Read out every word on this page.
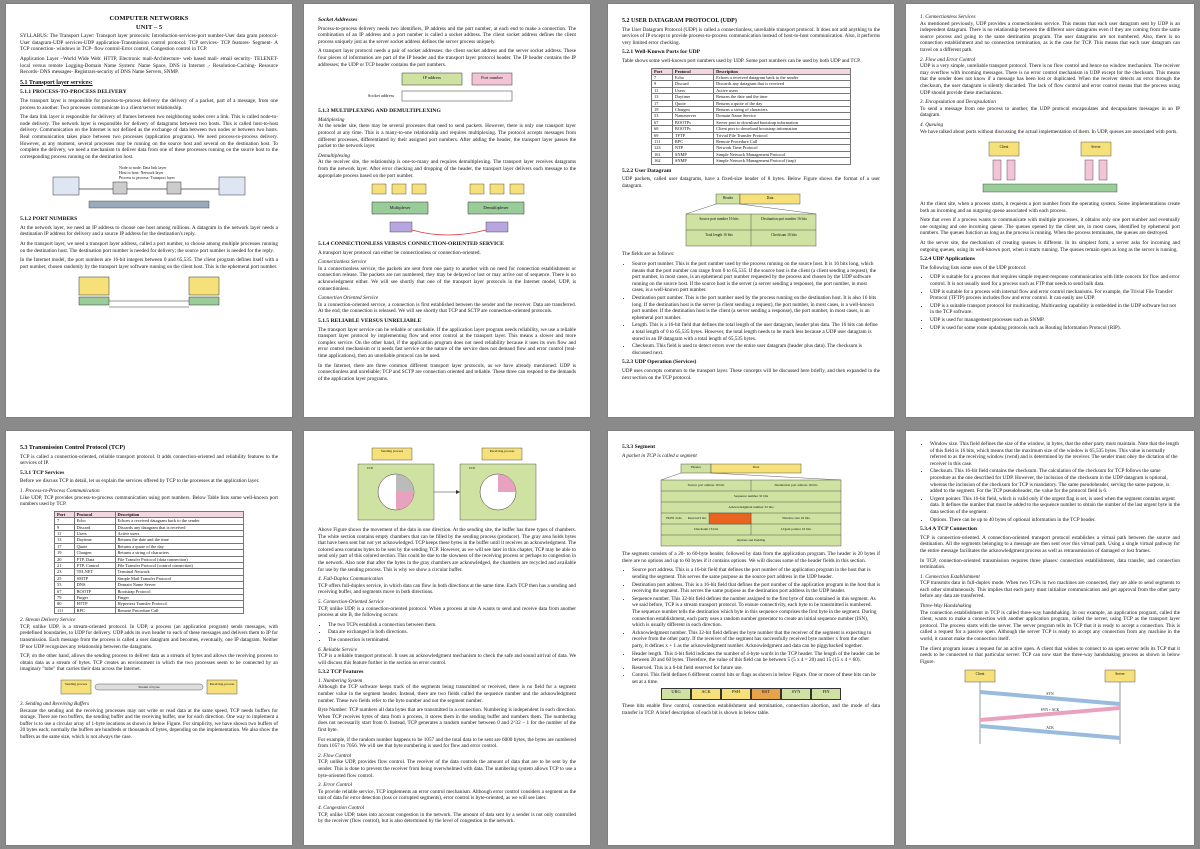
COMPUTER NETWORKS
UNIT – 5

SYLLABUS: The Transport Layer: Transport layer protocols: Introduction-services-port number-User data gram protocol-User datagram-UDP services-UDP application-Transmission control protocol: TCP services- TCP features- Segment- A TCP connection- windows in TCP- flow control-Error control, Congestion control in TCP.

Application Layer –World Wide Web: HTTP, Electronic mail-Architecture- web based mail- email security- TELENET-local versus remote Logging-Domain Name System: Name Space, DNS in Internet ,- Resolution-Caching- Resource Records- DNS messages- Registrars-security of DNS Name Servers, SNMP.

5.1 Transport layer services:
5.1.1 PROCESS-TO-PROCESS DELIVERY

The transport layer is responsible for process-to-process delivery the delivery of a packet, part of a message, from one process to another. Two processes communicate in a client/server relationship.

The data link layer is responsible for delivery of frames between two neighboring nodes over a link. This is called node-to-node delivery. The network layer is responsible for delivery of datagrams between two hosts. This is called host-to-host delivery. Communication on the Internet is not defined as the exchange of data between two nodes or between two hosts. Real communication takes place between two processes (application programs). We need process-to-process delivery. However, at any moment, several processes may be running on the source host and several on the destination host. To complete the delivery, we need a mechanism to deliver data from one of these processes running on the source host to the corresponding process running on the destination host.

Node to node: Data link layer
Host to host: Network layer
Process to process: Transport layer
5.1.2 PORT NUMBERS

At the network layer, we need an IP address to choose one host among millions. A datagram in the network layer needs a destination IP address for delivery and a source IP address for the destination's reply.

At the transport layer, we need a transport layer address, called a port number, to choose among multiple processes running on the destination host. The destination port number is needed for delivery; the source port number is needed for the reply.

In the Internet model, the port numbers are 16-bit integers between 0 and 65,535. The client program defines itself with a port number, chosen randomly by the transport layer software running on the client host. This is the ephemeral port number.

Socket Addresses

Process-to-process delivery needs two identifiers, IP address and the port number, at each end to make a connection. The combination of an IP address and a port number is called a socket address. The client socket address defines the client process uniquely just as the server socket address defines the server process uniquely.

A transport layer protocol needs a pair of socket addresses: the client socket address and the server socket address. These four pieces of information are part of the IP header and the transport layer protocol header. The IP header contains the IP addresses; the UDP or TCP header contains the port numbers.

IP address	Port number
Socket address
5.1.3 MULTIPLEXING AND DEMULTIPLEXING
Multiplexing

At the sender site, there may be several processes that need to send packets. However, there is only one transport layer protocol at any time. This is a many-to-one relationship and requires multiplexing. The protocol accepts messages from different processes, differentiated by their assigned port numbers. After adding the header, the transport layer passes the packet to the network layer.

Demultiplexing

At the receiver site, the relationship is one-to-many and requires demultiplexing. The transport layer receives datagrams from the network layer. After error checking and dropping of the header, the transport layer delivers each message to the appropriate process based on the port number.

Multiplexer	Demultiplexer
5.1.4 CONNECTIONLESS VERSUS CONNECTION-ORIENTED SERVICE

A transport layer protocol can either be connectionless or connection-oriented.

Connectionless Service

In a connectionless service, the packets are sent from one party to another with no need for connection establishment or connection release. The packets are not numbered; they may be delayed or lost or may arrive out of sequence. There is no acknowledgment either. We will see shortly that one of the transport layer protocols in the Internet model, UDP, is connectionless.

Connection Oriented Service

In a connection-oriented service, a connection is first established between the sender and the receiver. Data are transferred. At the end, the connection is released. We will see shortly that TCP and SCTP are connection-oriented protocols.

5.1.5 RELIABLE VERSUS UNRELIABLE

The transport layer service can be reliable or unreliable. If the application layer program needs reliability, we use a reliable transport layer protocol by implementing flow and error control at the transport layer. This means a slower and more complex service. On the other hand, if the application program does not need reliability because it uses its own flow and error control mechanism or it needs fast service or the nature of the service does not demand flow and error control (real-time applications), then an unreliable protocol can be used.

In the Internet, there are three common different transport layer protocols, as we have already mentioned. UDP is connectionless and unreliable; TCP and SCTP are connection oriented and reliable. These three can respond to the demands of the application layer programs.

5.2 USER DATAGRAM PROTOCOL (UDP)

The User Datagram Protocol (UDP) is called a connectionless, unreliable transport protocol. It does not add anything to the services of IP except to provide process-to-process communication instead of host-to-host communication. Also, it performs very limited error checking.

5.2.1 Well-Known Ports for UDP

Table shows some well-known port numbers used by UDP. Some port numbers can be used by both UDP and TCP.

Port	Protocol	Description
7	Echo	Echoes a received datagram back to the sender
9	Discard	Discards any datagram that is received
11	Users	Active users
13	Daytime	Returns the date and the time
17	Quote	Returns a quote of the day
19	Chargen	Returns a string of characters
53	Nameserver	Domain Name Service
67	BOOTPs	Server port to download bootstrap information
68	BOOTPc	Client port to download bootstrap information
69	TFTP	Trivial File Transfer Protocol
111	RPC	Remote Procedure Call
123	NTP	Network Time Protocol
161	SNMP	Simple Network Management Protocol
162	SNMP	Simple Network Management Protocol (trap)
5.2.2 User Datagram

UDP packets, called user datagrams, have a fixed-size header of 8 bytes. Below Figure shows the format of a user datagram.

Header	Data
Source port number 16 bits	Destination port number 16 bits
Total length 16 bits	Checksum 16 bits

The fields are as follows:

• Source port number. This is the port number used by the process running on the source host. It is 16 bits long, which means that the port number can range from 0 to 65,535. If the source host is the client (a client sending a request), the port number, in most cases, is an ephemeral port number requested by the process and chosen by the UDP software running on the source host. If the source host is the server (a server sending a response), the port number, in most cases, is a well-known port number.
• Destination port number. This is the port number used by the process running on the destination host. It is also 16 bits long. If the destination host is the server (a client sending a request), the port number, in most cases, is a well-known port number. If the destination host is the client (a server sending a response), the port number, in most cases, is an ephemeral port number.
• Length. This is a 16-bit field that defines the total length of the user datagram, header plus data. The 16 bits can define a total length of 0 to 65,535 bytes. However, the total length needs to be much less because a UDP user datagram is stored in an IP datagram with a total length of 65,535 bytes.
• Checksum. This field is used to detect errors over the entire user datagram (header plus data). The checksum is discussed next.
5.2.3 UDP Operation (Services)

UDP uses concepts common to the transport layer. These concepts will be discussed here briefly, and then expanded in the next section on the TCP protocol.

1. Connectionless Services

As mentioned previously, UDP provides a connectionless service. This means that each user datagram sent by UDP is an independent datagram. There is no relationship between the different user datagrams even if they are coming from the same source process and going to the same destination program. The user datagrams are not numbered. Also, there is no connection establishment and no connection termination, as is the case for TCP. This means that each user datagram can travel on a different path.

2. Flow and Error Control

UDP is a very simple, unreliable transport protocol. There is no flow control and hence no window mechanism. The receiver may overflow with incoming messages. There is no error control mechanism in UDP except for the checksum. This means that the sender does not know if a message has been lost or duplicated. When the receiver detects an error through the checksum, the user datagram is silently discarded. The lack of flow control and error control means that the process using UDP should provide these mechanisms.

3. Encapsulation and Decapsulation

To send a message from one process to another, the UDP protocol encapsulates and decapsulates messages in an IP datagram.

4. Queuing

We have talked about ports without discussing the actual implementation of them. In UDP, queues are associated with ports.

Client	Server

At the client site, when a process starts, it requests a port number from the operating system. Some implementations create both an incoming and an outgoing queue associated with each process.

Note that even if a process wants to communicate with multiple processes, it obtains only one port number and eventually one outgoing and one incoming queue. The queues opened by the client are, in most cases, identified by ephemeral port numbers. The queues function as long as the process is running. When the process terminates, the queues are destroyed.

At the server site, the mechanism of creating queues is different. In its simplest form, a server asks for incoming and outgoing queues, using its well-known port, when it starts running. The queues remain open as long as the server is running.

5.2.4 UDP Applications

The following lists some uses of the UDP protocol:

• UDP is suitable for a process that requires simple request-response communication with little concern for flow and error control. It is not usually used for a process such as FTP that needs to send bulk data.
• UDP is suitable for a process with internal flow and error control mechanisms. For example, the Trivial File Transfer Protocol (TFTP) process includes flow and error control. It can easily use UDP.
• UDP is a suitable transport protocol for multicasting. Multicasting capability is embedded in the UDP software but not in the TCP software.
• UDP is used for management processes such as SNMP.
• UDP is used for some route updating protocols such as Routing Information Protocol (RIP).
5.3 Transmission Control Protocol (TCP)

TCP is called a connection-oriented, reliable transport protocol. It adds connection-oriented and reliability features to the services of IP.

5.3.1 TCP Services

Before we discuss TCP in detail, let us explain the services offered by TCP to the processes at the application layer.

1. Process-to-Process Communication

Like UDP, TCP provides process-to-process communication using port numbers. Below Table lists some well-known port numbers used by TCP.

Port	Protocol	Description
7	Echo	Echoes a received datagram back to the sender
9	Discard	Discards any datagram that is received
11	Users	Active users
13	Daytime	Returns the date and the time
17	Quote	Returns a quote of the day
19	Chargen	Returns a string of characters
20	FTP, Data	File Transfer Protocol (data connection)
21	FTP, Control	File Transfer Protocol (control connection)
23	TELNET	Terminal Network
25	SMTP	Simple Mail Transfer Protocol
53	DNS	Domain Name Server
67	BOOTP	Bootstrap Protocol
79	Finger	Finger
80	HTTP	Hypertext Transfer Protocol
111	RPC	Remote Procedure Call
2. Stream Delivery Service

TCP, unlike UDP, is a stream-oriented protocol. In UDP, a process (an application program) sends messages, with predefined boundaries, to UDP for delivery. UDP adds its own header to each of these messages and delivers them to IP for transmission. Each message from the process is called a user datagram and becomes, eventually, one IP datagram. Neither IP nor UDP recognizes any relationship between the datagrams.

TCP, on the other hand, allows the sending process to deliver data as a stream of bytes and allows the receiving process to obtain data as a stream of bytes. TCP creates an environment in which the two processes seem to be connected by an imaginary "tube" that carries their data across the Internet.

Sending process	Receiving process
Stream of bytes
3. Sending and Receiving Buffers

Because the sending and the receiving processes may not write or read data at the same speed, TCP needs buffers for storage. There are two buffers, the sending buffer and the receiving buffer, one for each direction. One way to implement a buffer is to use a circular array of 1-byte locations as shown in below Figure. For simplicity, we have shown two buffers of 20 bytes each; normally the buffers are hundreds or thousands of bytes, depending on the implementation. We also show the buffers as the same size, which is not always the case.

Sending process	Receiving process
TCP	TCP

Above Figure shows the movement of the data in one direction. At the sending site, the buffer has three types of chambers. The white section contains empty chambers that can be filled by the sending process (producer). The gray area holds bytes that have been sent but not yet acknowledged. TCP keeps these bytes in the buffer until it receives an acknowledgment. The colored area contains bytes to be sent by the sending TCP. However, as we will see later in this chapter, TCP may be able to send only part of this colored section. This could be due to the slowness of the receiving process or perhaps to congestion in the network. Also note that after the bytes in the gray chambers are acknowledged, the chambers are recycled and available for use by the sending process. This is why we show a circular buffer.

4. Full-Duplex Communication

TCP offers full-duplex service, in which data can flow in both directions at the same time. Each TCP then has a sending and receiving buffer, and segments move in both directions.

5. Connection-Oriented Service

TCP, unlike UDP, is a connection-oriented protocol. When a process at site A wants to send and receive data from another process at site B, the following occurs:

• The two TCPs establish a connection between them.
• Data are exchanged in both directions.
• The connection is terminated.
6. Reliable Service

TCP is a reliable transport protocol. It uses an acknowledgment mechanism to check the safe and sound arrival of data. We will discuss this feature further in the section on error control.

5.3.2 TCP Features
1. Numbering System

Although the TCP software keeps track of the segments being transmitted or received, there is no field for a segment number value in the segment header. Instead, there are two fields called the sequence number and the acknowledgment number. These two fields refer to the byte number and not the segment number.

Byte Number: TCP numbers all data bytes that are transmitted in a connection. Numbering is independent in each direction. When TCP receives bytes of data from a process, it stores them in the sending buffer and numbers them. The numbering does not necessarily start from 0. Instead, TCP generates a random number between 0 and 2^32 – 1 for the number of the first byte.

For example, if the random number happens to be 1057 and the total data to be sent are 6000 bytes, the bytes are numbered from 1057 to 7056. We will see that byte numbering is used for flow and error control.

2. Flow Control

TCP, unlike UDP, provides flow control. The receiver of the data controls the amount of data that are to be sent by the sender. This is done to prevent the receiver from being overwhelmed with data. The numbering system allows TCP to use a byte-oriented flow control.

3. Error Control

To provide reliable service, TCP implements an error control mechanism. Although error control considers a segment as the unit of data for error detection (loss or corrupted segments), error control is byte-oriented, as we will see later.

4. Congestion Control

TCP, unlike UDP, takes into account congestion in the network. The amount of data sent by a sender is not only controlled by the receiver (flow control), but is also determined by the level of congestion in the network.

5.3.3 Segment
A packet in TCP is called a segment
Header	Data
Source port address 16 bits	Destination port address 16 bits
Sequence number 32 bits
Acknowledgment number 32 bits
HLEN 4 bits	Reserved 6 bits	Window size 16 bits
Checksum 16 bits	Urgent pointer 16 bits
Options and Padding

The segment consists of a 20- to 60-byte header, followed by data from the application program. The header is 20 bytes if there are no options and up to 60 bytes if it contains options. We will discuss some of the header fields in this section.

• Source port address. This is a 16-bit field that defines the port number of the application program in the host that is sending the segment. This serves the same purpose as the source port address in the UDP header.
• Destination port address. This is a 16-bit field that defines the port number of the application program in the host that is receiving the segment. This serves the same purpose as the destination port address in the UDP header.
• Sequence number. This 32-bit field defines the number assigned to the first byte of data contained in this segment. As we said before, TCP is a stream transport protocol. To ensure connectivity, each byte to be transmitted is numbered. The sequence number tells the destination which byte in this sequence comprises the first byte in the segment. During connection establishment, each party uses a random number generator to create an initial sequence number (ISN), which is usually different in each direction.
• Acknowledgment number. This 32-bit field defines the byte number that the receiver of the segment is expecting to receive from the other party. If the receiver of the segment has successfully received byte number x from the other party, it defines x + 1 as the acknowledgment number. Acknowledgment and data can be piggybacked together.
• Header length. This 4-bit field indicates the number of 4-byte words in the TCP header. The length of the header can be between 20 and 60 bytes. Therefore, the value of this field can be between 5 (5 x 4 = 20) and 15 (15 x 4 = 60).
• Reserved. This is a 6-bit field reserved for future use.
• Control. This field defines 6 different control bits or flags as shown in below Figure. One or more of these bits can be set at a time.
URG	ACK	PSH	RST	SYN	FIN

These bits enable flow control, connection establishment and termination, connection abortion, and the mode of data transfer in TCP. A brief description of each bit is shown in below table.

• Window size. This field defines the size of the window, in bytes, that the other party must maintain. Note that the length of this field is 16 bits, which means that the maximum size of the window is 65,535 bytes. This value is normally referred to as the receiving window (rwnd) and is determined by the receiver. The sender must obey the dictation of the receiver in this case.
• Checksum. This 16-bit field contains the checksum. The calculation of the checksum for TCP follows the same procedure as the one described for UDP. However, the inclusion of the checksum in the UDP datagram is optional, whereas the inclusion of the checksum for TCP is mandatory. The same pseudoheader, serving the same purpose, is added to the segment. For the TCP pseudoheader, the value for the protocol field is 6.
• Urgent pointer. This 16-bit field, which is valid only if the urgent flag is set, is used when the segment contains urgent data. It defines the number that must be added to the sequence number to obtain the number of the last urgent byte in the data section of the segment.
• Options. There can be up to 40 bytes of optional information in the TCP header.
5.3.4 A TCP Connection

TCP is connection-oriented. A connection-oriented transport protocol establishes a virtual path between the source and destination. All the segments belonging to a message are then sent over this virtual path. Using a single virtual pathway for the entire message facilitates the acknowledgment process as well as retransmission of damaged or lost frames.

In TCP, connection-oriented transmission requires three phases: connection establishment, data transfer, and connection termination.

1. Connection Establishment

TCP transmits data in full-duplex mode. When two TCPs in two machines are connected, they are able to send segments to each other simultaneously. This implies that each party must initialize communication and get approval from the other party before any data are transferred.

Three-Way Handshaking

The connection establishment in TCP is called three-way handshaking. In our example, an application program, called the client, wants to make a connection with another application program, called the server, using TCP as the transport layer protocol. The process starts with the server. The server program tells its TCP that it is ready to accept a connection. This is called a request for a passive open. Although the server TCP is ready to accept any connection from any machine in the world, it cannot make the connection itself.

The client program issues a request for an active open. A client that wishes to connect to an open server tells its TCP that it needs to be connected to that particular server. TCP can now start the three-way handshaking process as shown in below Figure.

Client	Server
SYN
SYN + ACK
ACK
